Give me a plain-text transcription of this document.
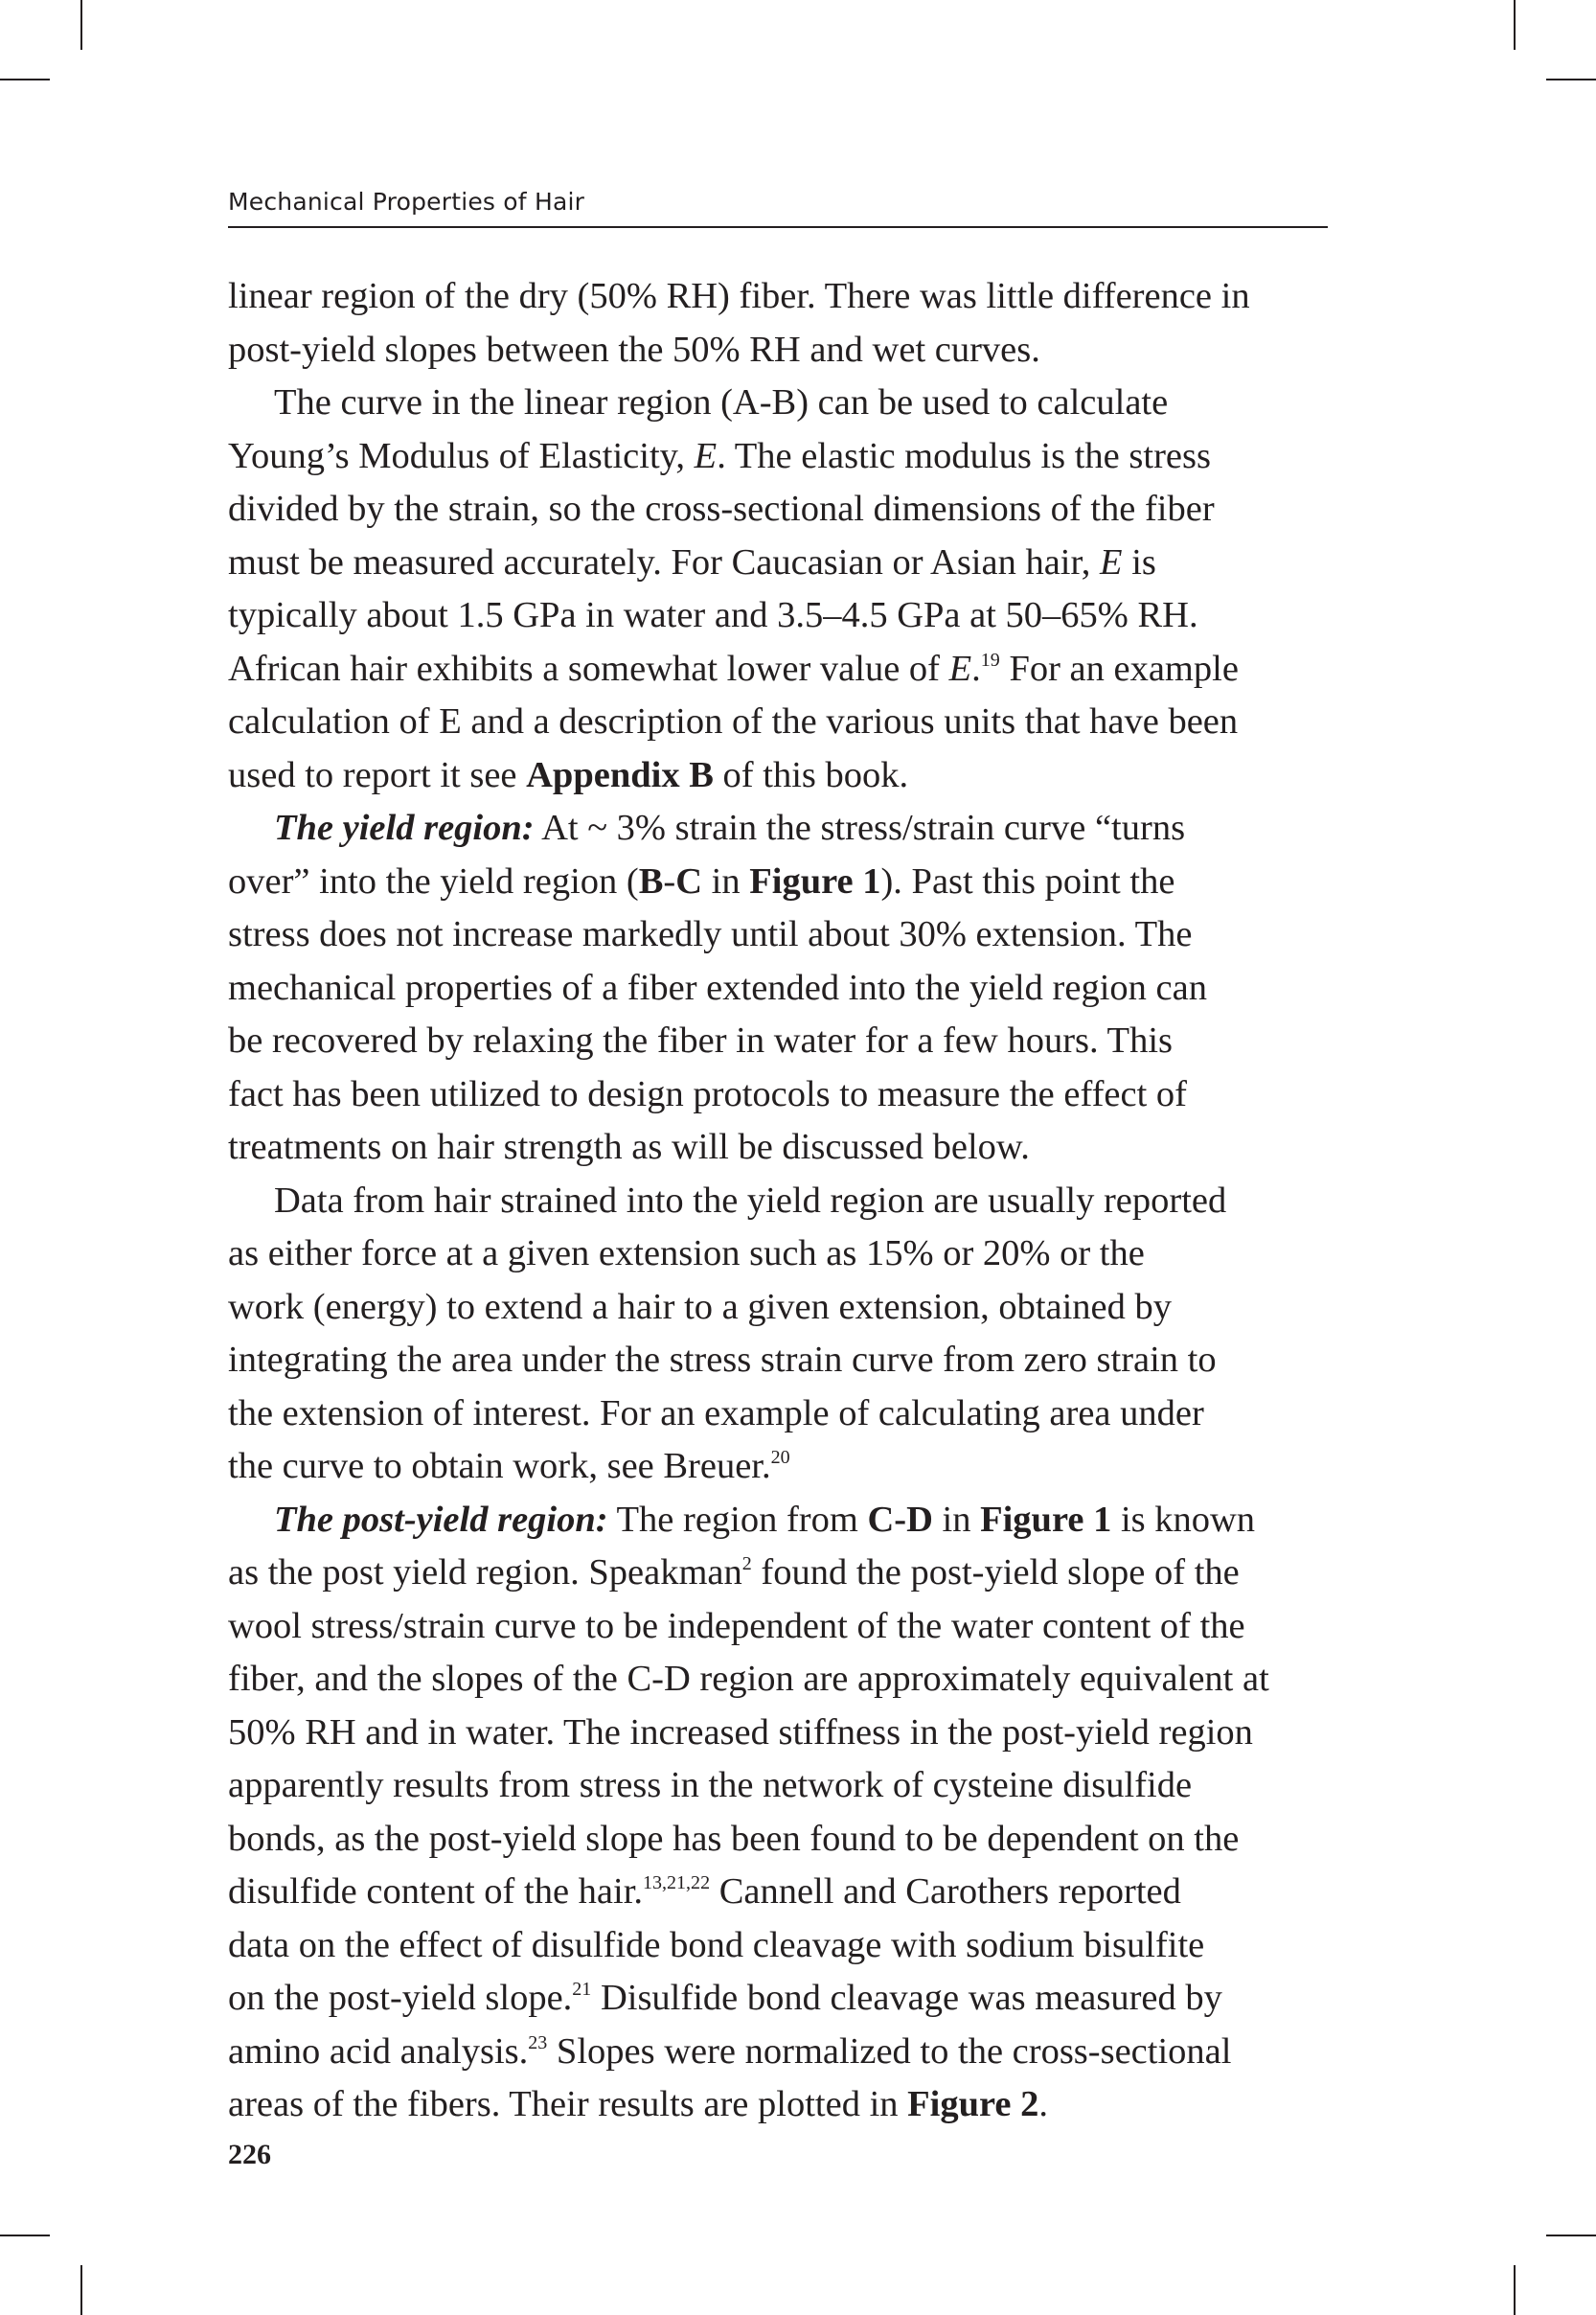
Mechanical Properties of Hair

linear region of the dry (50% RH) fiber. There was little difference in
post-yield slopes between the 50% RH and wet curves.

The curve in the linear region (A-B) can be used to calculate
Young’s Modulus of Elasticity, E. The elastic modulus is the stress
divided by the strain, so the cross-sectional dimensions of the fiber
must be measured accurately. For Caucasian or Asian hair, E is
typically about 1.5 GPa in water and 3.5–4.5 GPa at 50–65% RH.
African hair exhibits a somewhat lower value of E.$^{19}$ For an example
calculation of E and a description of the various units that have been
used to report it see Appendix B of this book.

The yield region: At ~ 3% strain the stress/strain curve “turns
over” into the yield region (B-C in Figure 1). Past this point the
stress does not increase markedly until about 30% extension. The
mechanical properties of a fiber extended into the yield region can
be recovered by relaxing the fiber in water for a few hours. This
fact has been utilized to design protocols to measure the effect of
treatments on hair strength as will be discussed below.

Data from hair strained into the yield region are usually reported
as either force at a given extension such as 15% or 20% or the
work (energy) to extend a hair to a given extension, obtained by
integrating the area under the stress strain curve from zero strain to
the extension of interest. For an example of calculating area under
the curve to obtain work, see Breuer.$^{20}$

The post-yield region: The region from C-D in Figure 1 is known
as the post yield region. Speakman$^2$ found the post-yield slope of the
wool stress/strain curve to be independent of the water content of the
fiber, and the slopes of the C-D region are approximately equivalent at
50% RH and in water. The increased stiffness in the post-yield region
apparently results from stress in the network of cysteine disulfide
bonds, as the post-yield slope has been found to be dependent on the
disulfide content of the hair.$^{13,21,22}$ Cannell and Carothers reported
data on the effect of disulfide bond cleavage with sodium bisulfite
on the post-yield slope.$^{21}$ Disulfide bond cleavage was measured by
amino acid analysis.$^{23}$ Slopes were normalized to the cross-sectional
areas of the fibers. Their results are plotted in Figure 2.

226
